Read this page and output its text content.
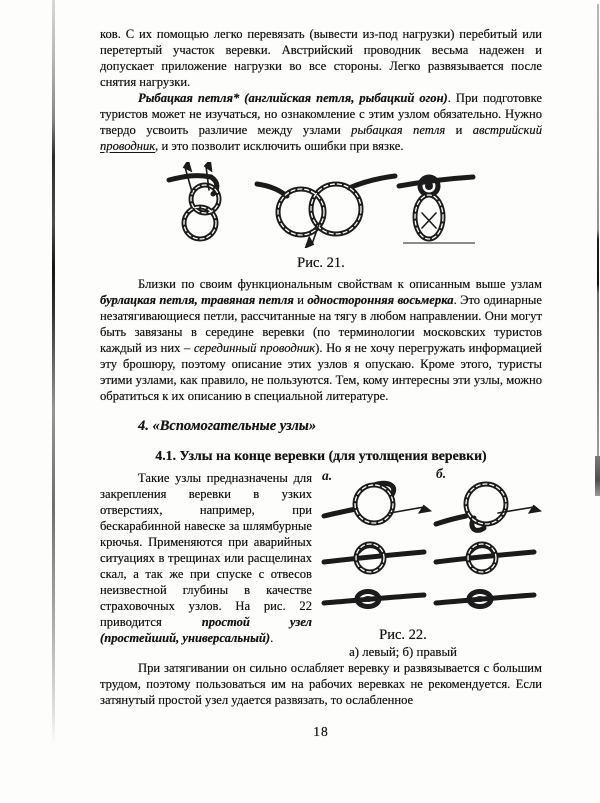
ков. С их помощью легко перевязать (вывести из-под нагрузки) перебитый или перетертый участок веревки. Австрийский проводник весьма надежен и допускает приложение нагрузки во все стороны. Легко развязывается после снятия нагрузки.

Рыбацкая петля* (английская петля, рыбацкий огон). При подготовке туристов может не изучаться, но ознакомление с этим узлом обязательно. Нужно твердо усвоить различие между узлами рыбацкая петля и австрийский проводник, и это позволит исключить ошибки при вязке.

Рис. 21.

Близки по своим функциональным свойствам к описанным выше узлам бурлацкая петля, травяная петля и односторонняя восьмерка. Это одинарные незатягивающиеся петли, рассчитанные на тягу в любом направлении. Они могут быть завязаны в середине веревки (по терминологии московских туристов каждый из них – серединный проводник). Но я не хочу перегружать информацией эту брошюру, поэтому описание этих узлов я опускаю. Кроме этого, туристы этими узлами, как правило, не пользуются. Тем, кому интересны эти узлы, можно обратиться к их описанию в специальной литературе.

4. «Вспомогательные узлы»
4.1. Узлы на конце веревки (для утолщения веревки)

Такие узлы предназначены для закрепления веревки в узких отверстиях, например, при бескарабинной навеске за шлямбурные крючья. Применяются при аварийных ситуациях в трещинах или расщелинах скал, а так же при спуске с отвесов неизвестной глубины в качестве страховочных узлов. На рис. 22 приводится простой узел (простейший, универсальный).

а.	б.
Рис. 22.
а) левый; б) правый

При затягивании он сильно ослабляет веревку и развязывается с большим трудом, поэтому пользоваться им на рабочих веревках не рекомендуется. Если затянутый простой узел удается развязать, то ослабленное

18
